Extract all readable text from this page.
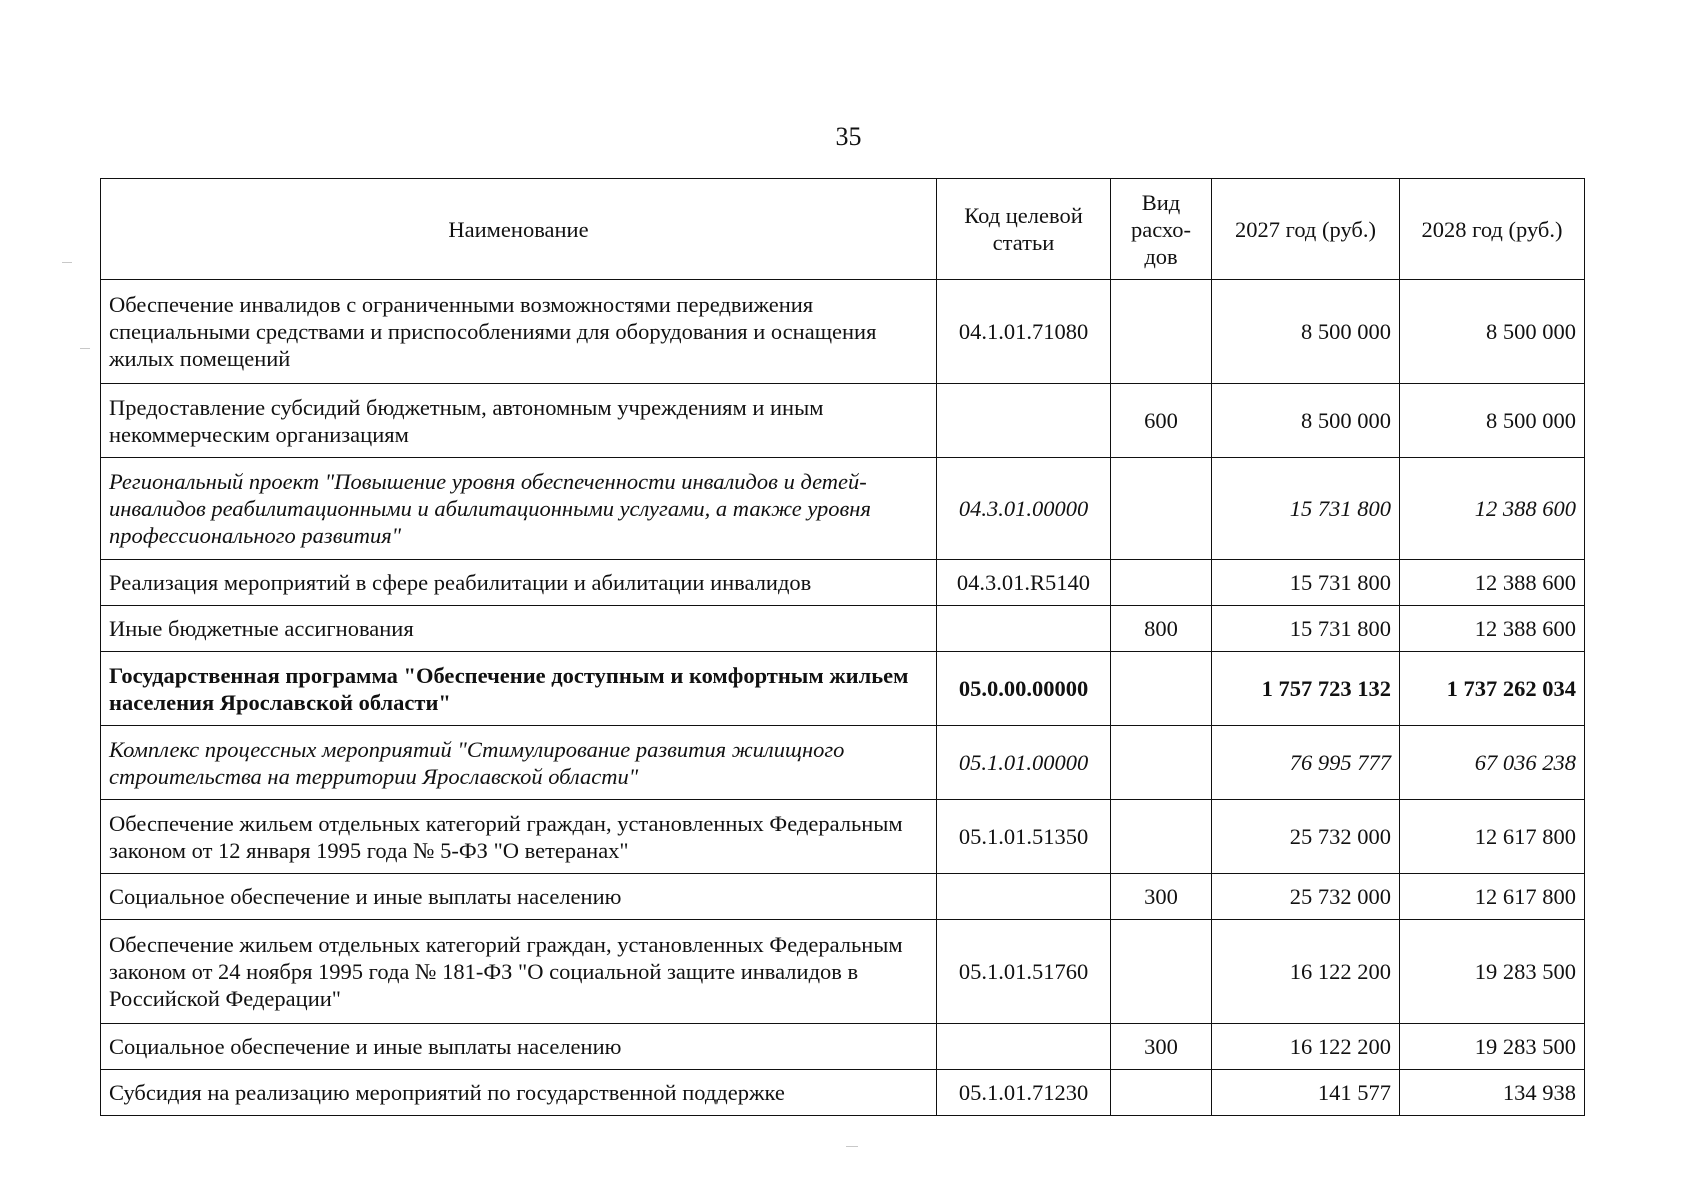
35
Наименование	Код целевой статьи	Вид расхо-дов	2027 год (руб.)	2028 год (руб.)
Обеспечение инвалидов с ограниченными возможностями передвижения специальными средствами и приспособлениями для оборудования и оснащения жилых помещений	04.1.01.71080		8 500 000	8 500 000
Предоставление субсидий бюджетным, автономным учреждениям и иным некоммерческим организациям		600	8 500 000	8 500 000
Региональный проект "Повышение уровня обеспеченности инвалидов и детей-инвалидов реабилитационными и абилитационными услугами, а также уровня профессионального развития"	04.3.01.00000		15 731 800	12 388 600
Реализация мероприятий в сфере реабилитации и абилитации инвалидов	04.3.01.R5140		15 731 800	12 388 600
Иные бюджетные ассигнования		800	15 731 800	12 388 600
Государственная программа "Обеспечение доступным и комфортным жильем населения Ярославской области"	05.0.00.00000		1 757 723 132	1 737 262 034
Комплекс процессных мероприятий "Стимулирование развития жилищного строительства на территории Ярославской области"	05.1.01.00000		76 995 777	67 036 238
Обеспечение жильем отдельных категорий граждан, установленных Федеральным законом от 12 января 1995 года № 5-ФЗ "О ветеранах"	05.1.01.51350		25 732 000	12 617 800
Социальное обеспечение и иные выплаты населению		300	25 732 000	12 617 800
Обеспечение жильем отдельных категорий граждан, установленных Федеральным законом от 24 ноября 1995 года № 181-ФЗ "О социальной защите инвалидов в Российской Федерации"	05.1.01.51760		16 122 200	19 283 500
Социальное обеспечение и иные выплаты населению		300	16 122 200	19 283 500
Субсидия на реализацию мероприятий по государственной поддержке	05.1.01.71230		141 577	134 938
